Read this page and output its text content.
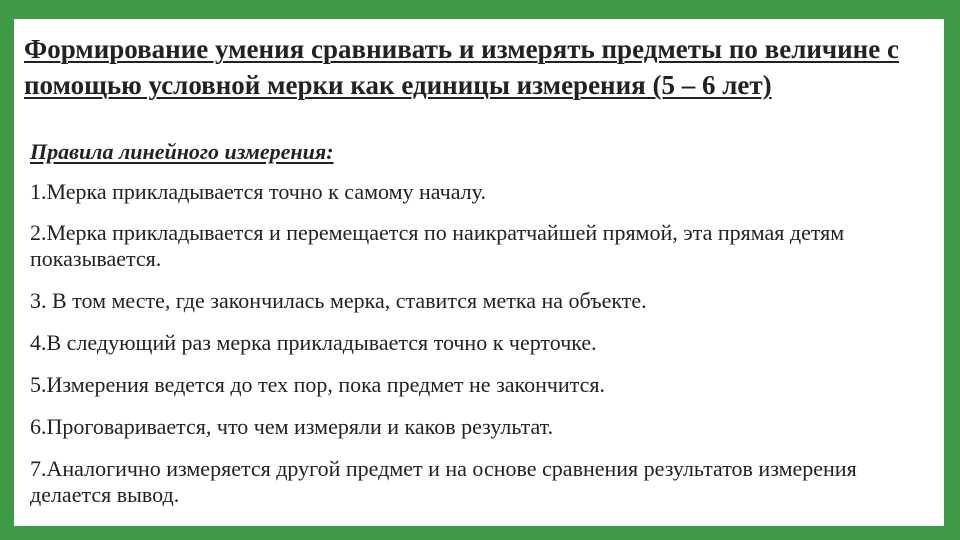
Формирование умения сравнивать и измерять предметы по величине с помощью условной мерки как единицы измерения (5 – 6 лет)

Правила линейного измерения:

1.Мерка прикладывается точно к самому началу.

2.Мерка прикладывается и перемещается по наикратчайшей прямой, эта прямая детям показывается.

3. В том месте, где закончилась мерка, ставится метка на объекте.

4.В следующий раз мерка прикладывается точно к черточке.

5.Измерения ведется до тех пор, пока предмет не закончится.

6.Проговаривается, что чем измеряли и каков результат.

7.Аналогично измеряется другой предмет и на основе сравнения результатов измерения делается вывод.
